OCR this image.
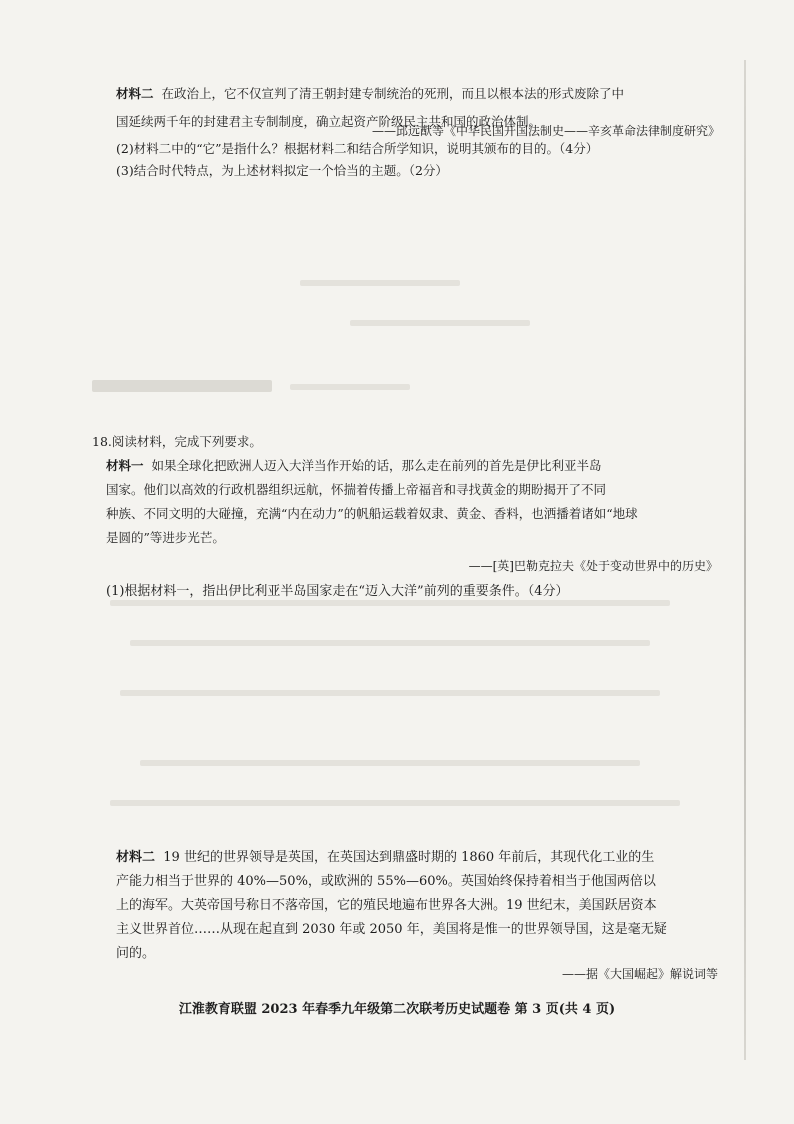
材料二 在政治上，它不仅宣判了清王朝封建专制统治的死刑，而且以根本法的形式废除了中

国延续两千年的封建君主专制制度，确立起资产阶级民主共和国的政治体制。

——邱远猷等《中华民国开国法制史——辛亥革命法律制度研究》

(2)材料二中的“它”是指什么？根据材料二和结合所学知识，说明其颁布的目的。（4分）

(3)结合时代特点，为上述材料拟定一个恰当的主题。（2分）

18.阅读材料，完成下列要求。

材料一 如果全球化把欧洲人迈入大洋当作开始的话，那么走在前列的首先是伊比利亚半岛

国家。他们以高效的行政机器组织远航，怀揣着传播上帝福音和寻找黄金的期盼揭开了不同

种族、不同文明的大碰撞，充满“内在动力”的帆船运载着奴隶、黄金、香料，也洒播着诸如“地球

是圆的”等进步光芒。

——[英]巴勒克拉夫《处于变动世界中的历史》

(1)根据材料一，指出伊比利亚半岛国家走在“迈入大洋”前列的重要条件。（4分）

材料二 19 世纪的世界领导是英国，在英国达到鼎盛时期的 1860 年前后，其现代化工业的生

产能力相当于世界的 40%—50%，或欧洲的 55%—60%。英国始终保持着相当于他国两倍以

上的海军。大英帝国号称日不落帝国，它的殖民地遍布世界各大洲。19 世纪末，美国跃居资本

主义世界首位……从现在起直到 2030 年或 2050 年，美国将是惟一的世界领导国，这是毫无疑

问的。

——据《大国崛起》解说词等

江淮教育联盟 2023 年春季九年级第二次联考历史试题卷 第 3 页(共 4 页)
